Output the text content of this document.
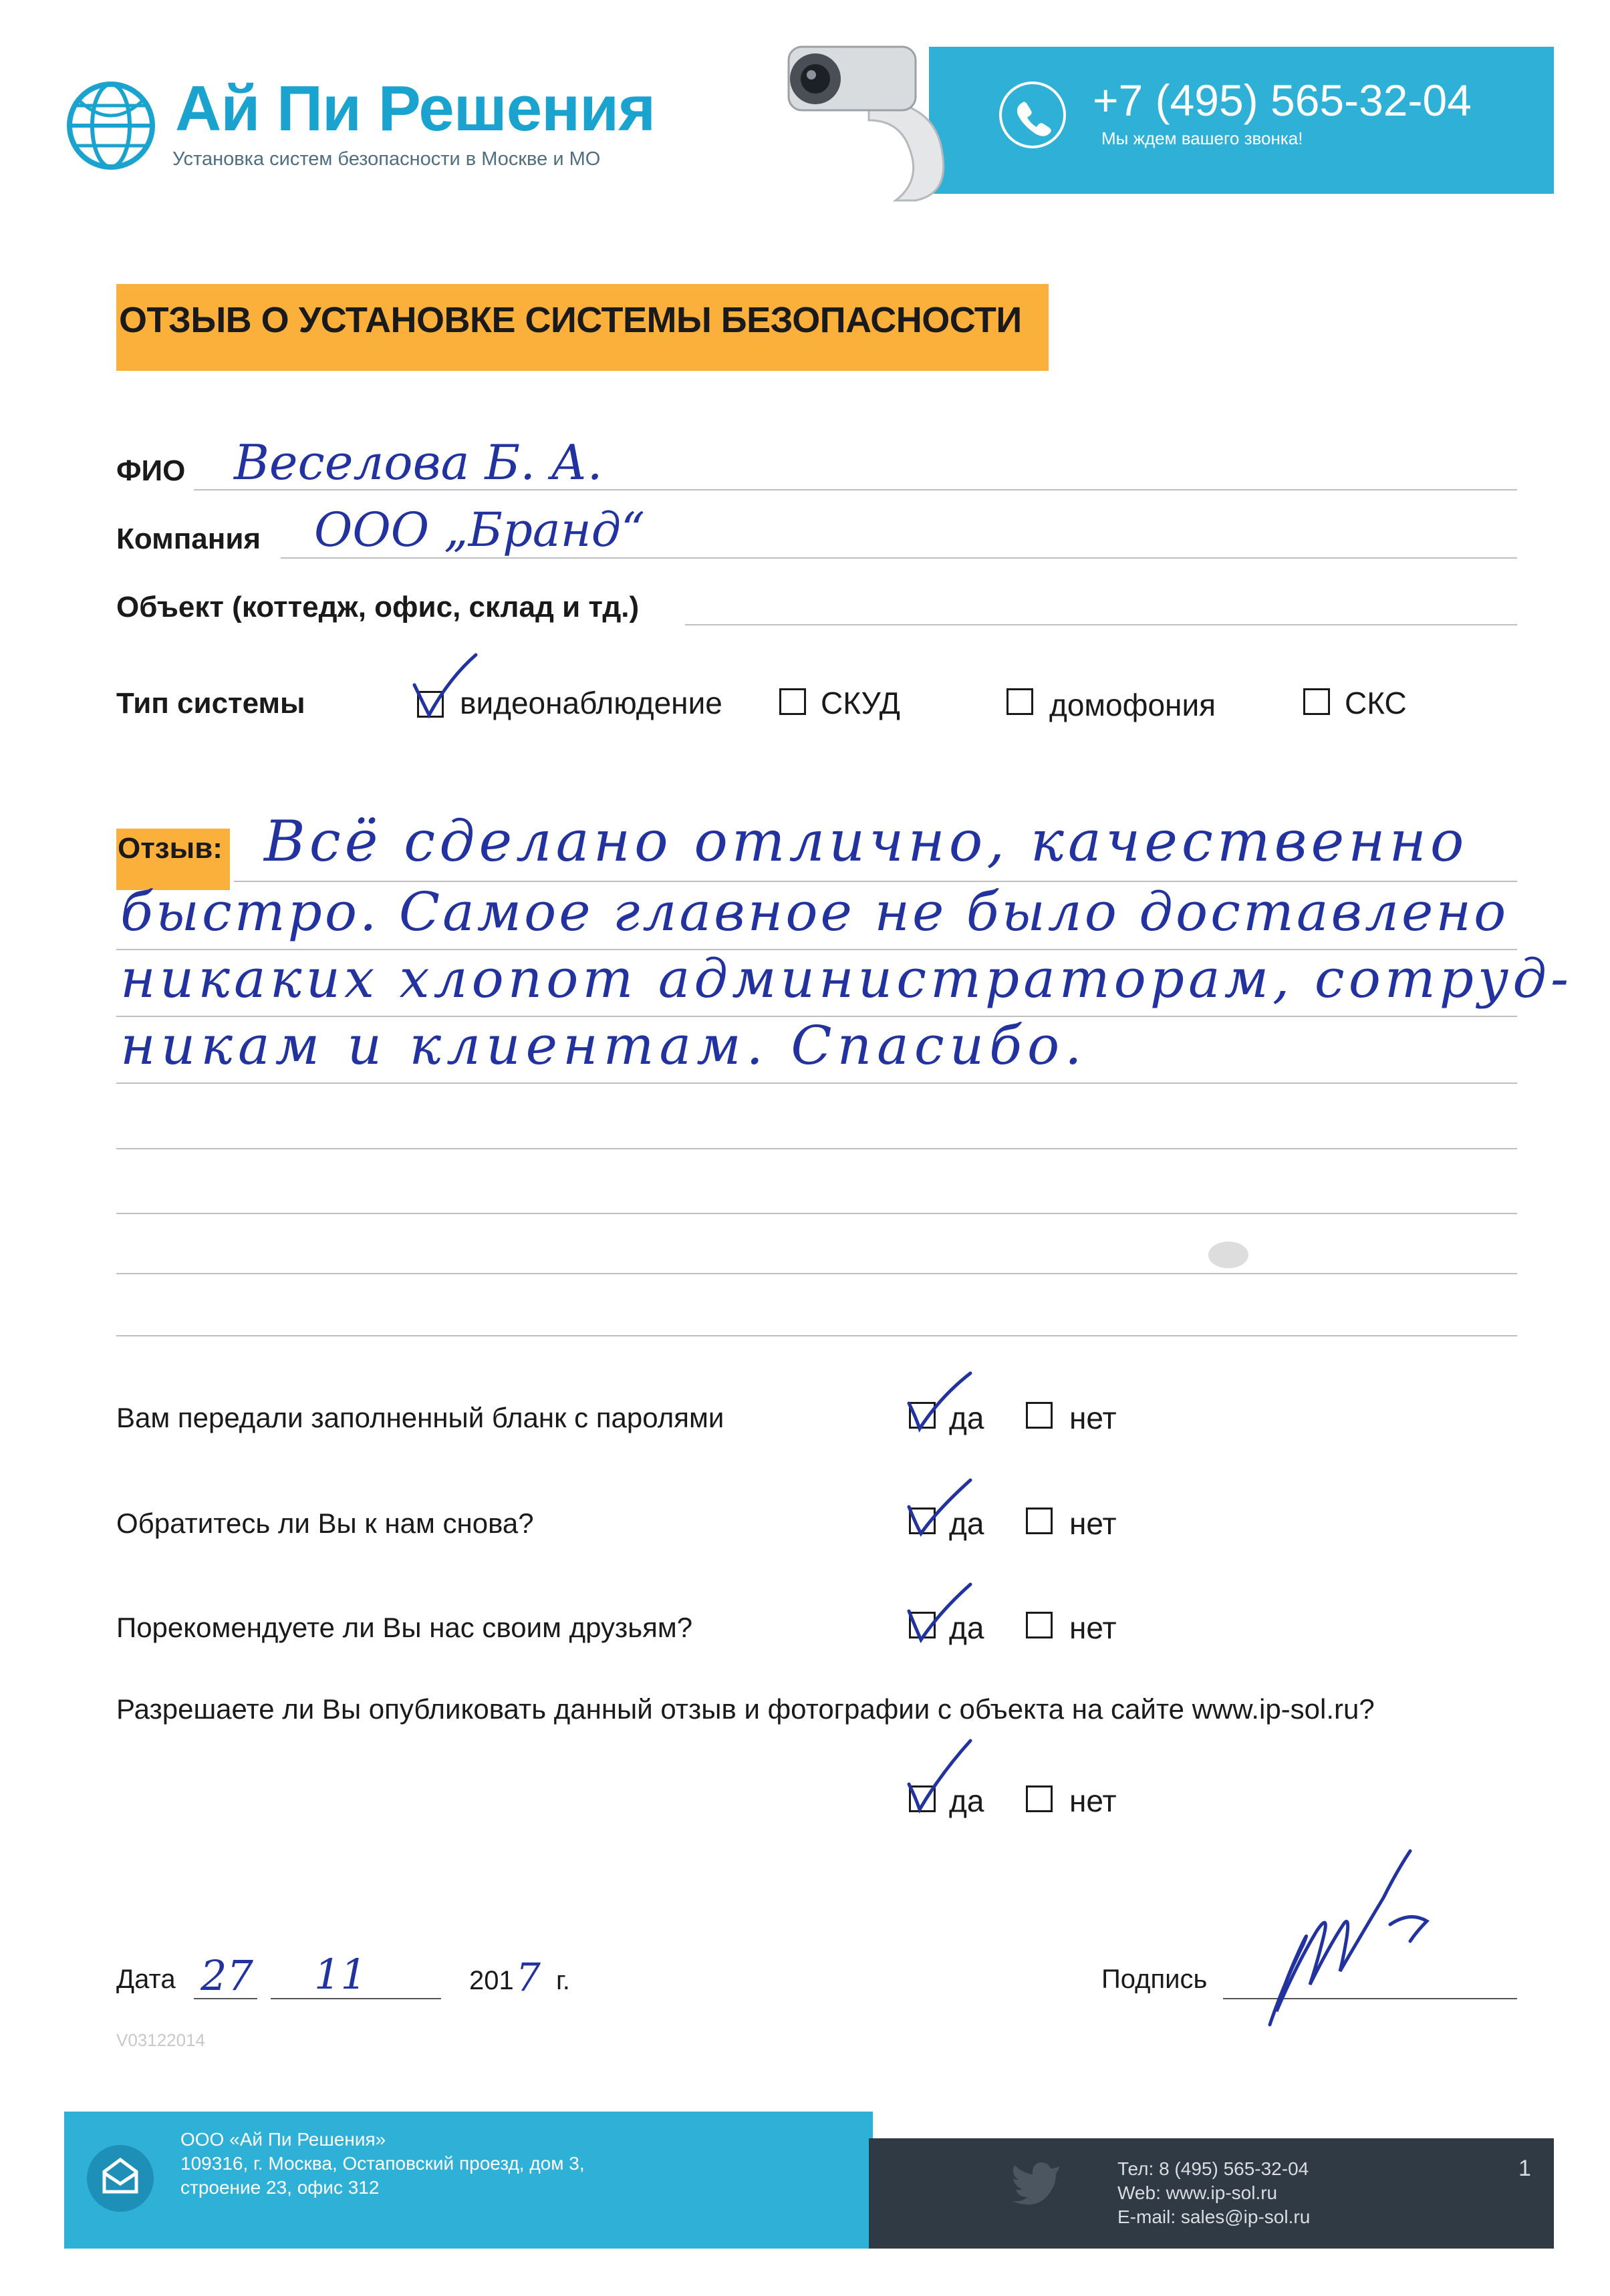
Ай Пи Решения
Установка систем безопасности в Москве и МО
+7 (495) 565-32-04
Мы ждем вашего звонка!
ОТЗЫВ О УСТАНОВКЕ СИСТЕМЫ БЕЗОПАСНОСТИ
ФИО Веселова Б. А.
Компания ООО „Бранд“
Объект (коттедж, офис, склад и тд.)
Тип системы	видеонаблюдение	СКУД	домофония	СКС
Отзыв: Всё сделано отлично, качественно
быстро. Самое главное не было доставлено
никаких хлопот администраторам, сотруд-
никам и клиентам. Спасибо.
Вам передали заполненный бланк с паролями	да	нет
Обратитесь ли Вы к нам снова?	да	нет
Порекомендуете ли Вы нас своим друзьям?	да	нет
Разрешаете ли Вы опубликовать данный отзыв и фотографии с объекта на сайте www.ip-sol.ru?
да	нет
Дата 27 11	201 7 г.	Подпись
V03122014
ООО «Ай Пи Решения»
109316, г. Москва, Остаповский проезд, дом 3,
строение 23, офис 312
Тел: 8 (495) 565-32-04
Web: www.ip-sol.ru
E-mail: sales@ip-sol.ru
1
